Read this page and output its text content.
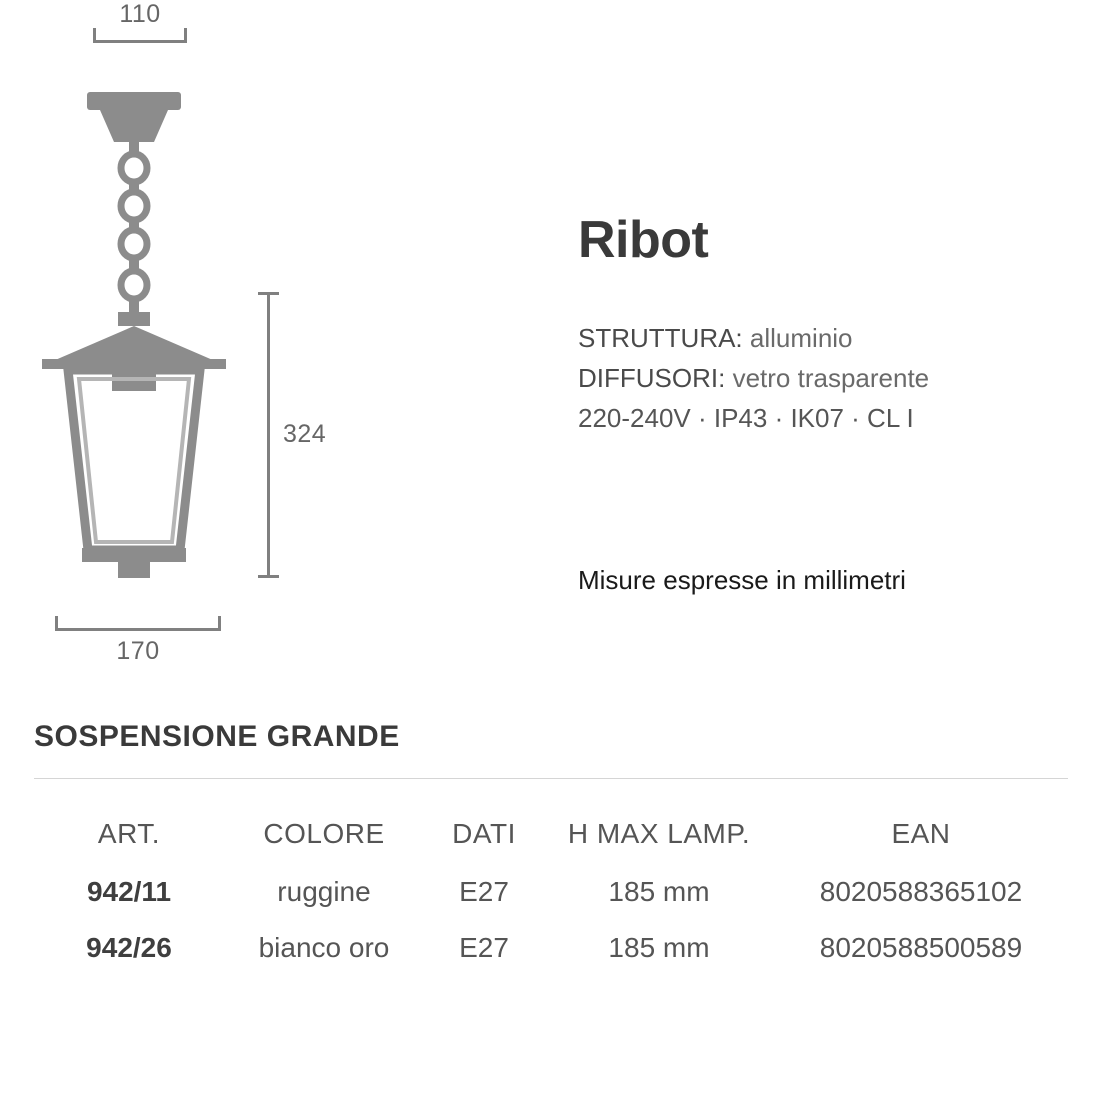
110
324
170
Ribot
STRUTTURA: alluminio
DIFFUSORI: vetro trasparente
220-240V · IP43 · IK07 · CL I
Misure espresse in millimetri
SOSPENSIONE GRANDE
ART.	COLORE	DATI	H MAX LAMP.	EAN
942/11	ruggine	E27	185 mm	8020588365102
942/26	bianco oro	E27	185 mm	8020588500589
